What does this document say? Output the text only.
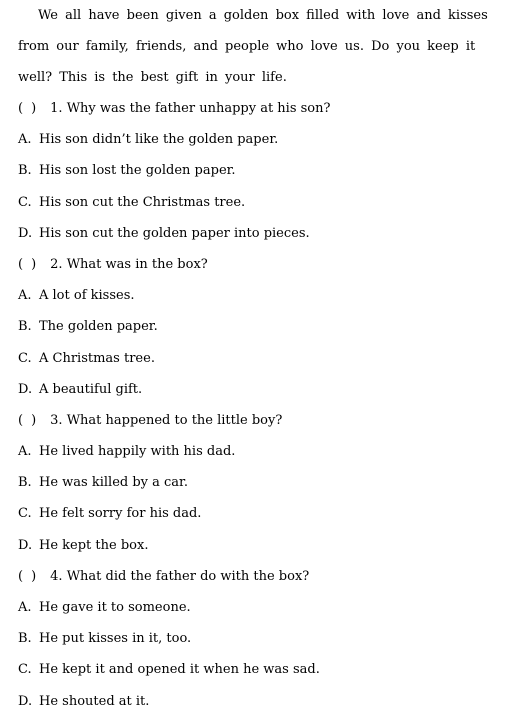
We all have been given a golden box filled with love and kisses
from our family, friends, and people who love us. Do you keep it
well? This is the best gift in your life.
( ) 1. Why was the father unhappy at his son?
A. His son didn’t like the golden paper.
B. His son lost the golden paper.
C. His son cut the Christmas tree.
D. His son cut the golden paper into pieces.
( ) 2. What was in the box?
A. A lot of kisses.
B. The golden paper.
C. A Christmas tree.
D. A beautiful gift.
( ) 3. What happened to the little boy?
A. He lived happily with his dad.
B. He was killed by a car.
C. He felt sorry for his dad.
D. He kept the box.
( ) 4. What did the father do with the box?
A. He gave it to someone.
B. He put kisses in it, too.
C. He kept it and opened it when he was sad.
D. He shouted at it.
